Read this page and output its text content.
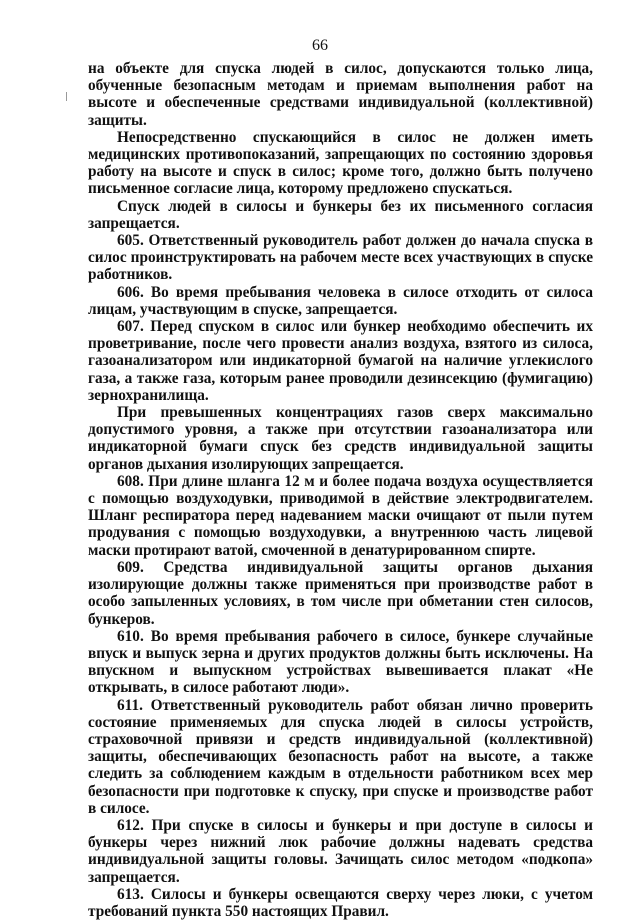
66

на объекте для спуска людей в силос, допускаются только лица, обученные безопасным методам и приемам выполнения работ на высоте и обеспеченные средствами индивидуальной (коллективной) защиты.

Непосредственно спускающийся в силос не должен иметь медицинских противопоказаний, запрещающих по состоянию здоровья работу на высоте и спуск в силос; кроме того, должно быть получено письменное согласие лица, которому предложено спускаться.

Спуск людей в силосы и бункеры без их письменного согласия запрещается.

605. Ответственный руководитель работ должен до начала спуска в силос проинструктировать на рабочем месте всех участвующих в спуске работников.

606. Во время пребывания человека в силосе отходить от силоса лицам, участвующим в спуске, запрещается.

607. Перед спуском в силос или бункер необходимо обеспечить их проветривание, после чего провести анализ воздуха, взятого из силоса, газоанализатором или индикаторной бумагой на наличие углекислого газа, а также газа, которым ранее проводили дезинсекцию (фумигацию) зернохранилища.

При превышенных концентрациях газов сверх максимально допустимого уровня, а также при отсутствии газоанализатора или индикаторной бумаги спуск без средств индивидуальной защиты органов дыхания изолирующих запрещается.

608. При длине шланга 12 м и более подача воздуха осуществляется с помощью воздуходувки, приводимой в действие электродвигателем. Шланг респиратора перед надеванием маски очищают от пыли путем продувания с помощью воздуходувки, а внутреннюю часть лицевой маски протирают ватой, смоченной в денатурированном спирте.

609. Средства индивидуальной защиты органов дыхания изолирующие должны также применяться при производстве работ в особо запыленных условиях, в том числе при обметании стен силосов, бункеров.

610. Во время пребывания рабочего в силосе, бункере случайные впуск и выпуск зерна и других продуктов должны быть исключены. На впускном и выпускном устройствах вывешивается плакат «Не открывать, в силосе работают люди».

611. Ответственный руководитель работ обязан лично проверить состояние применяемых для спуска людей в силосы устройств, страховочной привязи и средств индивидуальной (коллективной) защиты, обеспечивающих безопасность работ на высоте, а также следить за соблюдением каждым в отдельности работником всех мер безопасности при подготовке к спуску, при спуске и производстве работ в силосе.

612. При спуске в силосы и бункеры и при доступе в силосы и бункеры через нижний люк рабочие должны надевать средства индивидуальной защиты головы. Зачищать силос методом «подкопа» запрещается.

613. Силосы и бункеры освещаются сверху через люки, с учетом требований пункта 550 настоящих Правил.
